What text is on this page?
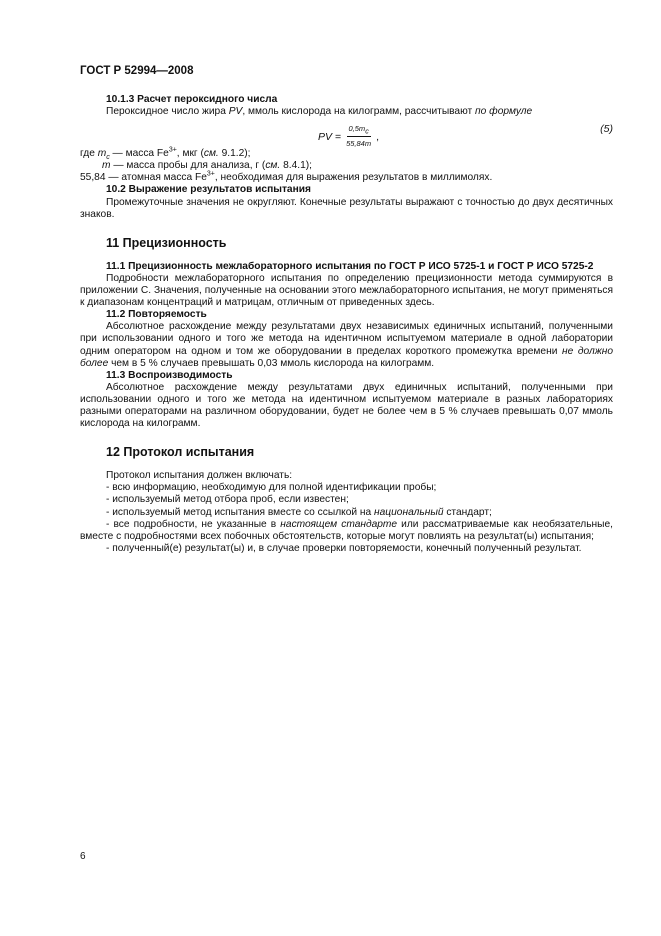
ГОСТ Р 52994—2008

10.1.3 Расчет пероксидного числа

Пероксидное число жира PV, ммоль кислорода на килограмм, рассчитывают по формуле

PV
= $\frac{0,5m_c}{55,84m}$ ,
(5)

где $m_c$ — масса $Fe^{3+}$, мкг (см. 9.1.2);

m — масса пробы для анализа, г (см. 8.4.1);

55,84 — атомная масса $Fe^{3+}$, необходимая для выражения результатов в миллимолях.

10.2 Выражение результатов испытания

Промежуточные значения не округляют. Конечные результаты выражают с точностью до двух десятичных знаков.

11 Прецизионность

11.1 Прецизионность межлабораторного испытания по ГОСТ Р ИСО 5725-1 и ГОСТ Р ИСО 5725-2

Подробности межлабораторного испытания по определению прецизионности метода суммируются в приложении С. Значения, полученные на основании этого межлабораторного испытания, не могут применяться к диапазонам концентраций и матрицам, отличным от приведенных здесь.

11.2 Повторяемость

Абсолютное расхождение между результатами двух независимых единичных испытаний, полученными при использовании одного и того же метода на идентичном испытуемом материале в одной лаборатории одним оператором на одном и том же оборудовании в пределах короткого промежутка времени не должно более чем в 5 % случаев превышать 0,03 ммоль кислорода на килограмм.

11.3 Воспроизводимость

Абсолютное расхождение между результатами двух единичных испытаний, полученными при использовании одного и того же метода на идентичном испытуемом материале в разных лабораториях разными операторами на различном оборудовании, будет не более чем в 5 % случаев превышать 0,07 ммоль кислорода на килограмм.

12 Протокол испытания

Протокол испытания должен включать:

- всю информацию, необходимую для полной идентификации пробы;

- используемый метод отбора проб, если известен;

- используемый метод испытания вместе со ссылкой на национальный стандарт;

- все подробности, не указанные в настоящем стандарте или рассматриваемые как необязательные, вместе с подробностями всех побочных обстоятельств, которые могут повлиять на результат(ы) испытания;

- полученный(е) результат(ы) и, в случае проверки повторяемости, конечный полученный результат.

6
